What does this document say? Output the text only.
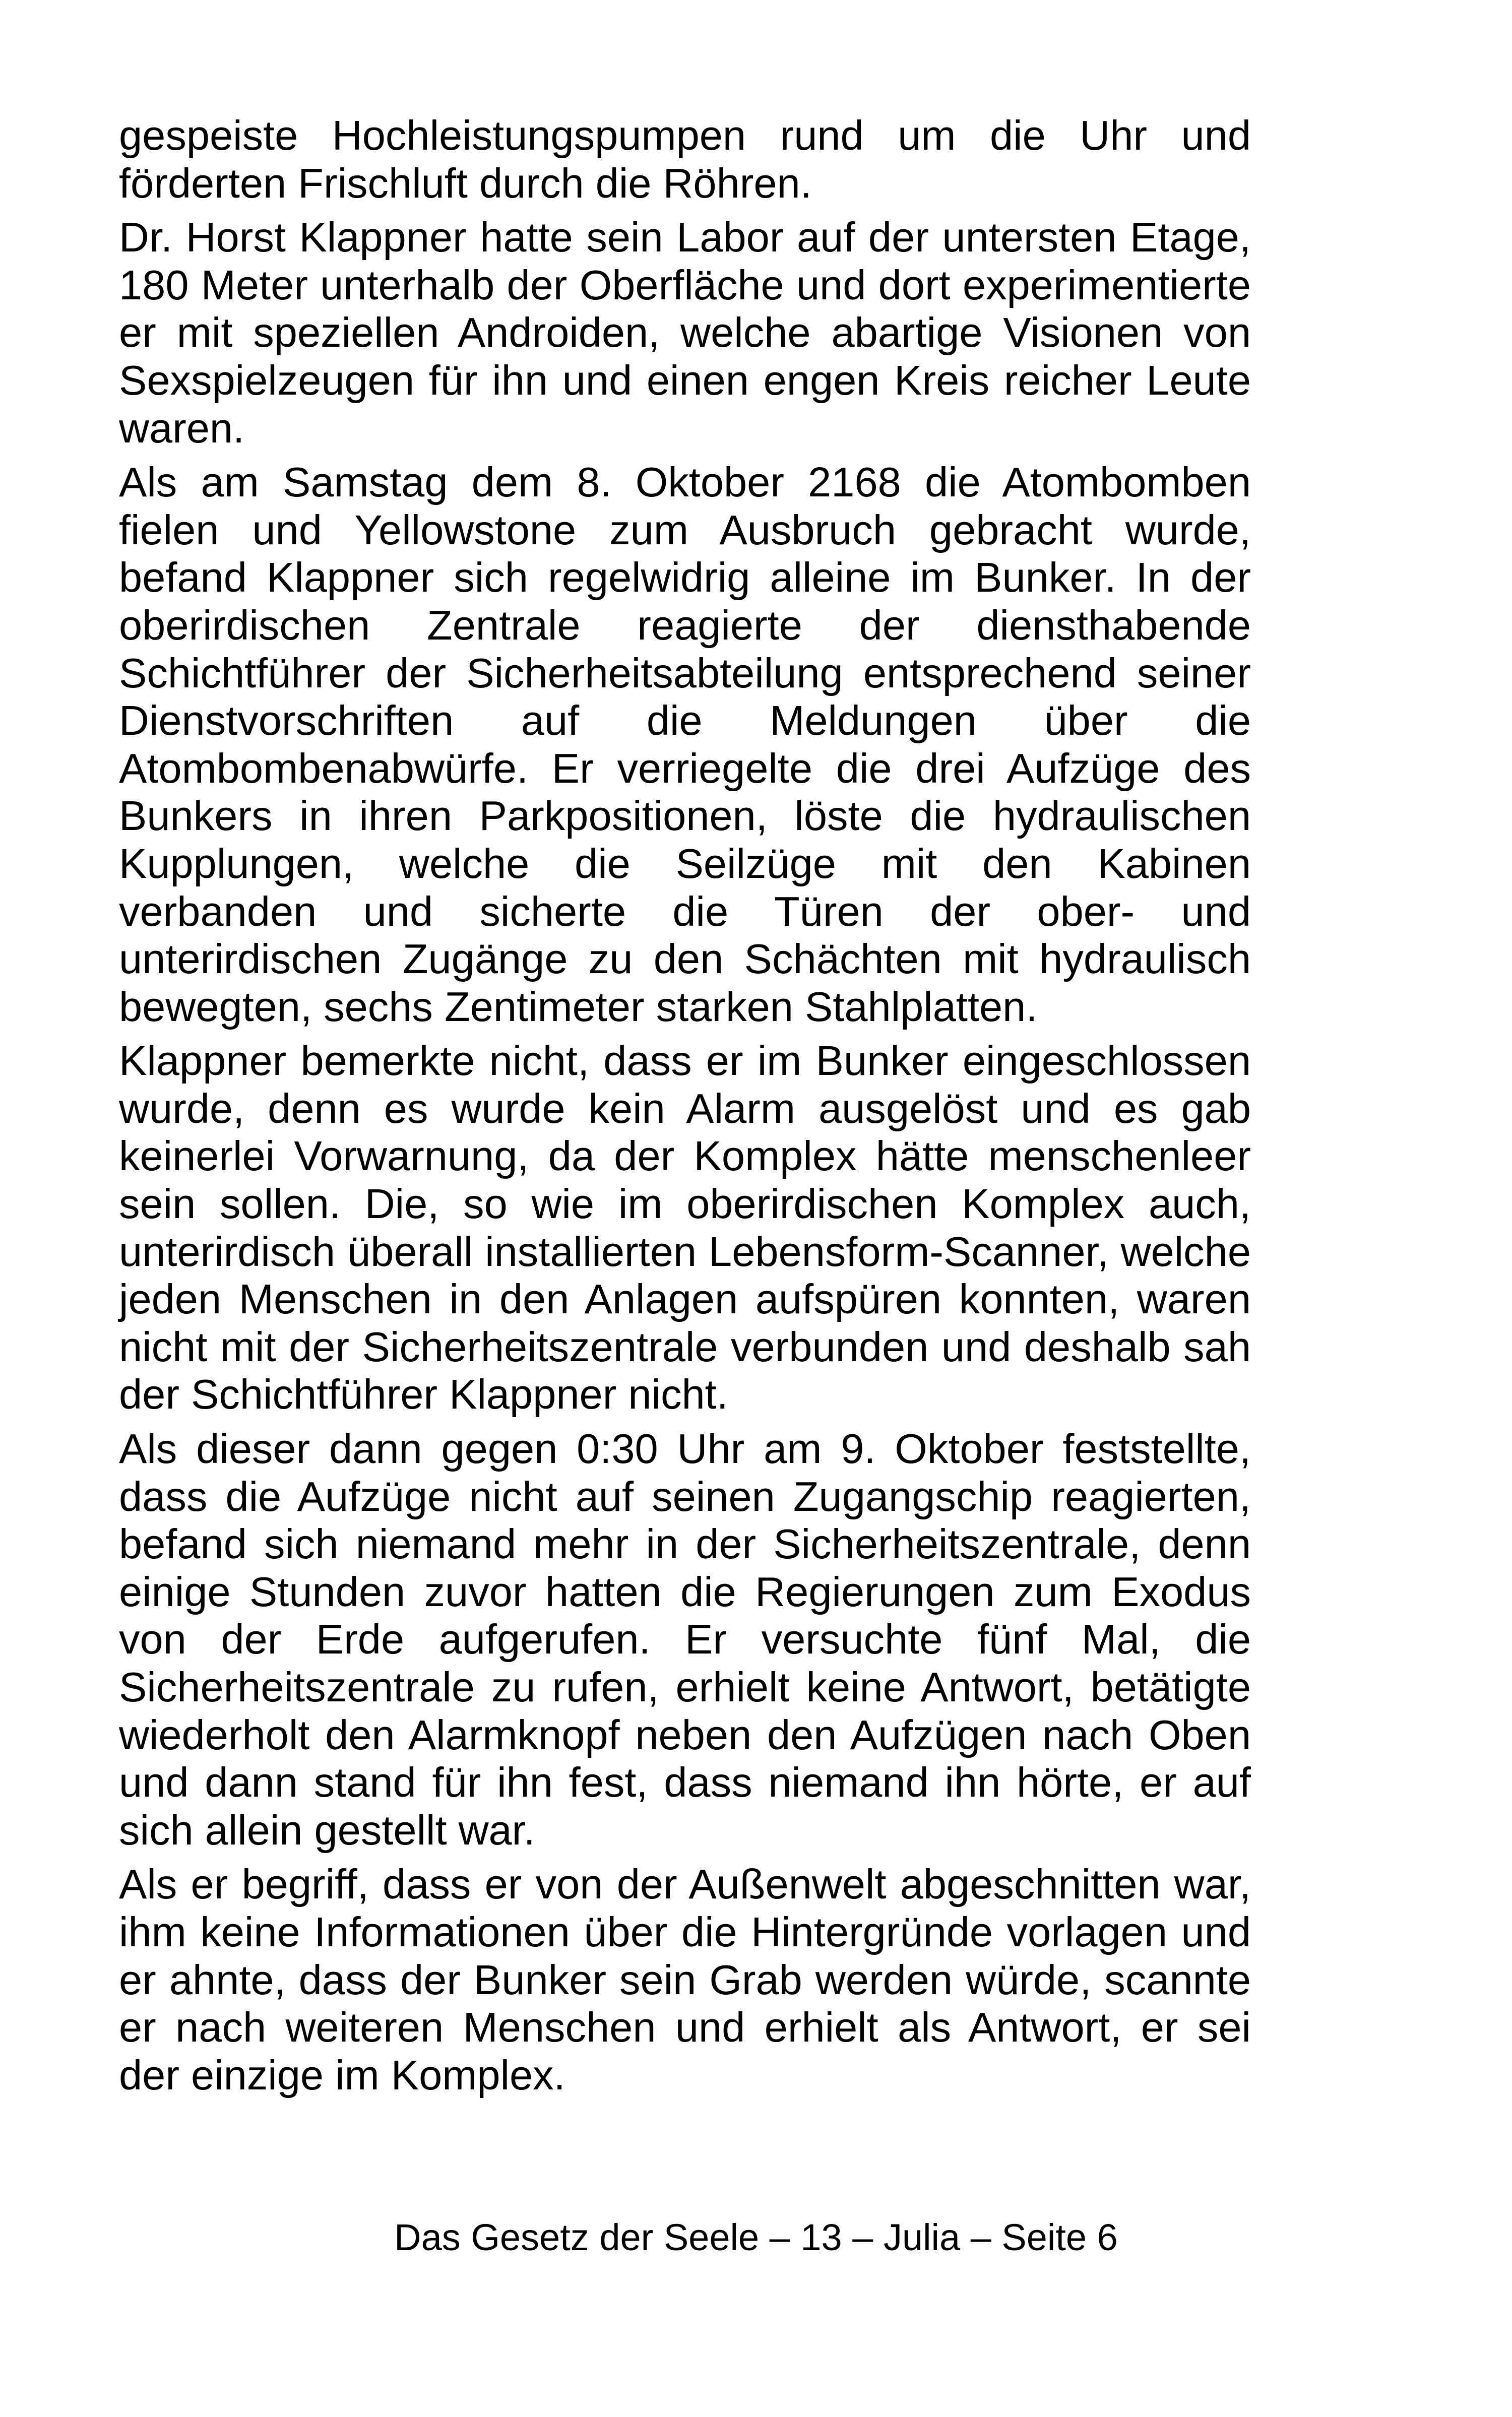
gespeiste Hochleistungspumpen rund um die Uhr und förderten Frischluft durch die Röhren.

Dr. Horst Klappner hatte sein Labor auf der untersten Etage, 180 Meter unterhalb der Oberfläche und dort experimentierte er mit speziellen Androiden, welche abartige Visionen von Sexspielzeugen für ihn und einen engen Kreis reicher Leute waren.

Als am Samstag dem 8. Oktober 2168 die Atombomben fielen und Yellowstone zum Ausbruch gebracht wurde, befand Klappner sich regelwidrig alleine im Bunker. In der oberirdischen Zentrale reagierte der diensthabende Schichtführer der Sicherheitsabteilung entsprechend seiner Dienstvorschriften auf die Meldungen über die Atombombenabwürfe. Er verriegelte die drei Aufzüge des Bunkers in ihren Parkpositionen, löste die hydraulischen Kupplungen, welche die Seilzüge mit den Kabinen verbanden und sicherte die Türen der ober- und unterirdischen Zugänge zu den Schächten mit hydraulisch bewegten, sechs Zentimeter starken Stahlplatten.

Klappner bemerkte nicht, dass er im Bunker eingeschlossen wurde, denn es wurde kein Alarm ausgelöst und es gab keinerlei Vorwarnung, da der Komplex hätte menschenleer sein sollen. Die, so wie im oberirdischen Komplex auch, unterirdisch überall installierten Lebensform-Scanner, welche jeden Menschen in den Anlagen aufspüren konnten, waren nicht mit der Sicherheitszentrale verbunden und deshalb sah der Schichtführer Klappner nicht.

Als dieser dann gegen 0:30 Uhr am 9. Oktober feststellte, dass die Aufzüge nicht auf seinen Zugangschip reagierten, befand sich niemand mehr in der Sicherheitszentrale, denn einige Stunden zuvor hatten die Regierungen zum Exodus von der Erde aufgerufen. Er versuchte fünf Mal, die Sicherheitszentrale zu rufen, erhielt keine Antwort, betätigte wiederholt den Alarmknopf neben den Aufzügen nach Oben und dann stand für ihn fest, dass niemand ihn hörte, er auf sich allein gestellt war.

Als er begriff, dass er von der Außenwelt abgeschnitten war, ihm keine Informationen über die Hintergründe vorlagen und er ahnte, dass der Bunker sein Grab werden würde, scannte er nach weiteren Menschen und erhielt als Antwort, er sei der einzige im Komplex.

Das Gesetz der Seele – 13 – Julia – Seite 6
